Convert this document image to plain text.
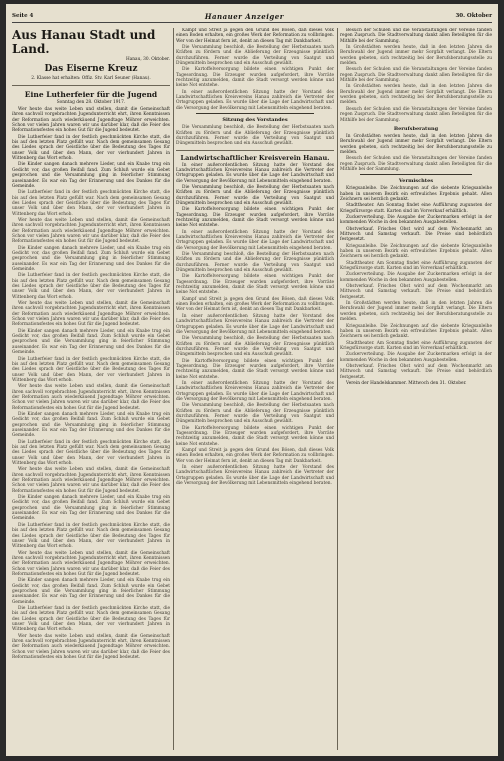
Seite 4	Hanauer Anzeiger	30. Oktober
Aus Hanau Stadt und Land.
Hanau, 30. Oktober.
Das Eiserne Kreuz
2. Klasse hat erhalten: Offiz. Stv. Karl Seuner (Hanau).
Eine Lutherfeier für die Jugend
Sonntag den 28. Oktober 1917.

Wer heute das weite Leben und stellen, damit die Gemeinschaft ihren sachvoll vorgebrachten Jugendunterricht ehrt, ihren Kenntnissen der Reformation auch wiederkäuend Jugendtage Möhrer erweichten. Schon vor vielen Jahren waren wir uns darüber klar, daß die Feier des Reformationsfestes ein hohes Gut für die Jugend bedeutet.

Die Lutherfeier fand in der festlich geschmückten Kirche statt, die bis auf den letzten Platz gefüllt war. Nach dem gemeinsamen Gesang des Liedes sprach der Geistliche über die Bedeutung des Tages für unser Volk und über den Mann, der vor vierhundert Jahren in Wittenberg das Wort erhob.

Die Kinder sangen danach mehrere Lieder, und ein Knabe trug ein Gedicht vor, das großen Beifall fand. Zum Schluß wurde ein Gebet gesprochen und die Versammlung ging in feierlicher Stimmung auseinander. Es war ein Tag der Erinnerung und des Dankes für die Gemeinde.

Die Lutherfeier fand in der festlich geschmückten Kirche statt, die bis auf den letzten Platz gefüllt war. Nach dem gemeinsamen Gesang des Liedes sprach der Geistliche über die Bedeutung des Tages für unser Volk und über den Mann, der vor vierhundert Jahren in Wittenberg das Wort erhob.

Wer heute das weite Leben und stellen, damit die Gemeinschaft ihren sachvoll vorgebrachten Jugendunterricht ehrt, ihren Kenntnissen der Reformation auch wiederkäuend Jugendtage Möhrer erweichten. Schon vor vielen Jahren waren wir uns darüber klar, daß die Feier des Reformationsfestes ein hohes Gut für die Jugend bedeutet.

Die Kinder sangen danach mehrere Lieder, und ein Knabe trug ein Gedicht vor, das großen Beifall fand. Zum Schluß wurde ein Gebet gesprochen und die Versammlung ging in feierlicher Stimmung auseinander. Es war ein Tag der Erinnerung und des Dankes für die Gemeinde.

Die Lutherfeier fand in der festlich geschmückten Kirche statt, die bis auf den letzten Platz gefüllt war. Nach dem gemeinsamen Gesang des Liedes sprach der Geistliche über die Bedeutung des Tages für unser Volk und über den Mann, der vor vierhundert Jahren in Wittenberg das Wort erhob.

Wer heute das weite Leben und stellen, damit die Gemeinschaft ihren sachvoll vorgebrachten Jugendunterricht ehrt, ihren Kenntnissen der Reformation auch wiederkäuend Jugendtage Möhrer erweichten. Schon vor vielen Jahren waren wir uns darüber klar, daß die Feier des Reformationsfestes ein hohes Gut für die Jugend bedeutet.

Die Kinder sangen danach mehrere Lieder, und ein Knabe trug ein Gedicht vor, das großen Beifall fand. Zum Schluß wurde ein Gebet gesprochen und die Versammlung ging in feierlicher Stimmung auseinander. Es war ein Tag der Erinnerung und des Dankes für die Gemeinde.

Die Lutherfeier fand in der festlich geschmückten Kirche statt, die bis auf den letzten Platz gefüllt war. Nach dem gemeinsamen Gesang des Liedes sprach der Geistliche über die Bedeutung des Tages für unser Volk und über den Mann, der vor vierhundert Jahren in Wittenberg das Wort erhob.

Wer heute das weite Leben und stellen, damit die Gemeinschaft ihren sachvoll vorgebrachten Jugendunterricht ehrt, ihren Kenntnissen der Reformation auch wiederkäuend Jugendtage Möhrer erweichten. Schon vor vielen Jahren waren wir uns darüber klar, daß die Feier des Reformationsfestes ein hohes Gut für die Jugend bedeutet.

Die Kinder sangen danach mehrere Lieder, und ein Knabe trug ein Gedicht vor, das großen Beifall fand. Zum Schluß wurde ein Gebet gesprochen und die Versammlung ging in feierlicher Stimmung auseinander. Es war ein Tag der Erinnerung und des Dankes für die Gemeinde.

Die Lutherfeier fand in der festlich geschmückten Kirche statt, die bis auf den letzten Platz gefüllt war. Nach dem gemeinsamen Gesang des Liedes sprach der Geistliche über die Bedeutung des Tages für unser Volk und über den Mann, der vor vierhundert Jahren in Wittenberg das Wort erhob.

Wer heute das weite Leben und stellen, damit die Gemeinschaft ihren sachvoll vorgebrachten Jugendunterricht ehrt, ihren Kenntnissen der Reformation auch wiederkäuend Jugendtage Möhrer erweichten. Schon vor vielen Jahren waren wir uns darüber klar, daß die Feier des Reformationsfestes ein hohes Gut für die Jugend bedeutet.

Die Kinder sangen danach mehrere Lieder, und ein Knabe trug ein Gedicht vor, das großen Beifall fand. Zum Schluß wurde ein Gebet gesprochen und die Versammlung ging in feierlicher Stimmung auseinander. Es war ein Tag der Erinnerung und des Dankes für die Gemeinde.

Die Lutherfeier fand in der festlich geschmückten Kirche statt, die bis auf den letzten Platz gefüllt war. Nach dem gemeinsamen Gesang des Liedes sprach der Geistliche über die Bedeutung des Tages für unser Volk und über den Mann, der vor vierhundert Jahren in Wittenberg das Wort erhob.

Wer heute das weite Leben und stellen, damit die Gemeinschaft ihren sachvoll vorgebrachten Jugendunterricht ehrt, ihren Kenntnissen der Reformation auch wiederkäuend Jugendtage Möhrer erweichten. Schon vor vielen Jahren waren wir uns darüber klar, daß die Feier des Reformationsfestes ein hohes Gut für die Jugend bedeutet.

Die Kinder sangen danach mehrere Lieder, und ein Knabe trug ein Gedicht vor, das großen Beifall fand. Zum Schluß wurde ein Gebet gesprochen und die Versammlung ging in feierlicher Stimmung auseinander. Es war ein Tag der Erinnerung und des Dankes für die Gemeinde.

Die Lutherfeier fand in der festlich geschmückten Kirche statt, die bis auf den letzten Platz gefüllt war. Nach dem gemeinsamen Gesang des Liedes sprach der Geistliche über die Bedeutung des Tages für unser Volk und über den Mann, der vor vierhundert Jahren in Wittenberg das Wort erhob.

Wer heute das weite Leben und stellen, damit die Gemeinschaft ihren sachvoll vorgebrachten Jugendunterricht ehrt, ihren Kenntnissen der Reformation auch wiederkäuend Jugendtage Möhrer erweichten. Schon vor vielen Jahren waren wir uns darüber klar, daß die Feier des Reformationsfestes ein hohes Gut für die Jugend bedeutet.

Kampf und Streit ja gegen den Grund des Bösen, daß dieses Volk einen Boden erhalten, ein großes Werk der Reformation zu vollbringen. Wer von der Heimat fern ist, denkt an diesen Tag mit Dankbarkeit.

Die Versammlung beschloß, die Bestellung der Herbstsaaten nach Kräften zu fördern und die Ablieferung der Erzeugnisse pünktlich durchzuführen. Ferner wurde die Verteilung von Saatgut und Düngemitteln besprochen und ein Ausschuß gewählt.

Die Kartoffelversorgung bildete einen wichtigen Punkt der Tagesordnung. Die Erzeuger wurden aufgefordert, ihre Vorräte rechtzeitig anzumelden, damit die Stadt versorgt werden könne und keine Not entstehe.

In einer außerordentlichen Sitzung hatte der Vorstand des Landwirtschaftlichen Kreisvereins Hanau zahlreich die Vertreter der Ortsgruppen geladen. Es wurde über die Lage der Landwirtschaft und die Versorgung der Bevölkerung mit Lebensmitteln eingehend beraten.

Sitzung des Vorstandes

Die Versammlung beschloß, die Bestellung der Herbstsaaten nach Kräften zu fördern und die Ablieferung der Erzeugnisse pünktlich durchzuführen. Ferner wurde die Verteilung von Saatgut und Düngemitteln besprochen und ein Ausschuß gewählt.

Landwirtschaftlicher Kreisverein Hanau.

In einer außerordentlichen Sitzung hatte der Vorstand des Landwirtschaftlichen Kreisvereins Hanau zahlreich die Vertreter der Ortsgruppen geladen. Es wurde über die Lage der Landwirtschaft und die Versorgung der Bevölkerung mit Lebensmitteln eingehend beraten.

Die Versammlung beschloß, die Bestellung der Herbstsaaten nach Kräften zu fördern und die Ablieferung der Erzeugnisse pünktlich durchzuführen. Ferner wurde die Verteilung von Saatgut und Düngemitteln besprochen und ein Ausschuß gewählt.

Die Kartoffelversorgung bildete einen wichtigen Punkt der Tagesordnung. Die Erzeuger wurden aufgefordert, ihre Vorräte rechtzeitig anzumelden, damit die Stadt versorgt werden könne und keine Not entstehe.

In einer außerordentlichen Sitzung hatte der Vorstand des Landwirtschaftlichen Kreisvereins Hanau zahlreich die Vertreter der Ortsgruppen geladen. Es wurde über die Lage der Landwirtschaft und die Versorgung der Bevölkerung mit Lebensmitteln eingehend beraten.

Die Versammlung beschloß, die Bestellung der Herbstsaaten nach Kräften zu fördern und die Ablieferung der Erzeugnisse pünktlich durchzuführen. Ferner wurde die Verteilung von Saatgut und Düngemitteln besprochen und ein Ausschuß gewählt.

Die Kartoffelversorgung bildete einen wichtigen Punkt der Tagesordnung. Die Erzeuger wurden aufgefordert, ihre Vorräte rechtzeitig anzumelden, damit die Stadt versorgt werden könne und keine Not entstehe.

Kampf und Streit ja gegen den Grund des Bösen, daß dieses Volk einen Boden erhalten, ein großes Werk der Reformation zu vollbringen. Wer von der Heimat fern ist, denkt an diesen Tag mit Dankbarkeit.

In einer außerordentlichen Sitzung hatte der Vorstand des Landwirtschaftlichen Kreisvereins Hanau zahlreich die Vertreter der Ortsgruppen geladen. Es wurde über die Lage der Landwirtschaft und die Versorgung der Bevölkerung mit Lebensmitteln eingehend beraten.

Die Versammlung beschloß, die Bestellung der Herbstsaaten nach Kräften zu fördern und die Ablieferung der Erzeugnisse pünktlich durchzuführen. Ferner wurde die Verteilung von Saatgut und Düngemitteln besprochen und ein Ausschuß gewählt.

Die Kartoffelversorgung bildete einen wichtigen Punkt der Tagesordnung. Die Erzeuger wurden aufgefordert, ihre Vorräte rechtzeitig anzumelden, damit die Stadt versorgt werden könne und keine Not entstehe.

In einer außerordentlichen Sitzung hatte der Vorstand des Landwirtschaftlichen Kreisvereins Hanau zahlreich die Vertreter der Ortsgruppen geladen. Es wurde über die Lage der Landwirtschaft und die Versorgung der Bevölkerung mit Lebensmitteln eingehend beraten.

Die Versammlung beschloß, die Bestellung der Herbstsaaten nach Kräften zu fördern und die Ablieferung der Erzeugnisse pünktlich durchzuführen. Ferner wurde die Verteilung von Saatgut und Düngemitteln besprochen und ein Ausschuß gewählt.

Die Kartoffelversorgung bildete einen wichtigen Punkt der Tagesordnung. Die Erzeuger wurden aufgefordert, ihre Vorräte rechtzeitig anzumelden, damit die Stadt versorgt werden könne und keine Not entstehe.

Kampf und Streit ja gegen den Grund des Bösen, daß dieses Volk einen Boden erhalten, ein großes Werk der Reformation zu vollbringen. Wer von der Heimat fern ist, denkt an diesen Tag mit Dankbarkeit.

In einer außerordentlichen Sitzung hatte der Vorstand des Landwirtschaftlichen Kreisvereins Hanau zahlreich die Vertreter der Ortsgruppen geladen. Es wurde über die Lage der Landwirtschaft und die Versorgung der Bevölkerung mit Lebensmitteln eingehend beraten.

Besuch der Schulen und die Veranstaltungen der Vereine fanden regen Zuspruch. Die Stadtverwaltung dankt allen Beteiligten für die Mithilfe bei der Sammlung.

In Großstädten werden heute, daß in den letzten Jahren die Berufswahl der Jugend immer mehr Sorgfalt verlangt. Die Eltern werden gebeten, sich rechtzeitig bei der Berufsberatungsstelle zu melden.

Besuch der Schulen und die Veranstaltungen der Vereine fanden regen Zuspruch. Die Stadtverwaltung dankt allen Beteiligten für die Mithilfe bei der Sammlung.

In Großstädten werden heute, daß in den letzten Jahren die Berufswahl der Jugend immer mehr Sorgfalt verlangt. Die Eltern werden gebeten, sich rechtzeitig bei der Berufsberatungsstelle zu melden.

Besuch der Schulen und die Veranstaltungen der Vereine fanden regen Zuspruch. Die Stadtverwaltung dankt allen Beteiligten für die Mithilfe bei der Sammlung.

Berufsberatung

In Großstädten werden heute, daß in den letzten Jahren die Berufswahl der Jugend immer mehr Sorgfalt verlangt. Die Eltern werden gebeten, sich rechtzeitig bei der Berufsberatungsstelle zu melden.

Besuch der Schulen und die Veranstaltungen der Vereine fanden regen Zuspruch. Die Stadtverwaltung dankt allen Beteiligten für die Mithilfe bei der Sammlung.

Vermischtes

Kriegsanleihe. Die Zeichnungen auf die siebente Kriegsanleihe haben in unserem Bezirk ein erfreuliches Ergebnis gehabt. Allen Zeichnern sei herzlich gedankt.

Stadttheater. Am Sonntag findet eine Aufführung zugunsten der Kriegsfürsorge statt. Karten sind im Vorverkauf erhältlich.

Zuckerverteilung. Die Ausgabe der Zuckermarken erfolgt in der kommenden Woche in den bekannten Ausgabestellen.

Obstverkauf. Frisches Obst wird auf dem Wochenmarkt am Mittwoch und Samstag verkauft. Die Preise sind behördlich festgesetzt.

Kriegsanleihe. Die Zeichnungen auf die siebente Kriegsanleihe haben in unserem Bezirk ein erfreuliches Ergebnis gehabt. Allen Zeichnern sei herzlich gedankt.

Stadttheater. Am Sonntag findet eine Aufführung zugunsten der Kriegsfürsorge statt. Karten sind im Vorverkauf erhältlich.

Zuckerverteilung. Die Ausgabe der Zuckermarken erfolgt in der kommenden Woche in den bekannten Ausgabestellen.

Obstverkauf. Frisches Obst wird auf dem Wochenmarkt am Mittwoch und Samstag verkauft. Die Preise sind behördlich festgesetzt.

In Großstädten werden heute, daß in den letzten Jahren die Berufswahl der Jugend immer mehr Sorgfalt verlangt. Die Eltern werden gebeten, sich rechtzeitig bei der Berufsberatungsstelle zu melden.

Kriegsanleihe. Die Zeichnungen auf die siebente Kriegsanleihe haben in unserem Bezirk ein erfreuliches Ergebnis gehabt. Allen Zeichnern sei herzlich gedankt.

Stadttheater. Am Sonntag findet eine Aufführung zugunsten der Kriegsfürsorge statt. Karten sind im Vorverkauf erhältlich.

Zuckerverteilung. Die Ausgabe der Zuckermarken erfolgt in der kommenden Woche in den bekannten Ausgabestellen.

Obstverkauf. Frisches Obst wird auf dem Wochenmarkt am Mittwoch und Samstag verkauft. Die Preise sind behördlich festgesetzt.

Verein der Handelskammer. Mittwoch den 31. Oktober.
